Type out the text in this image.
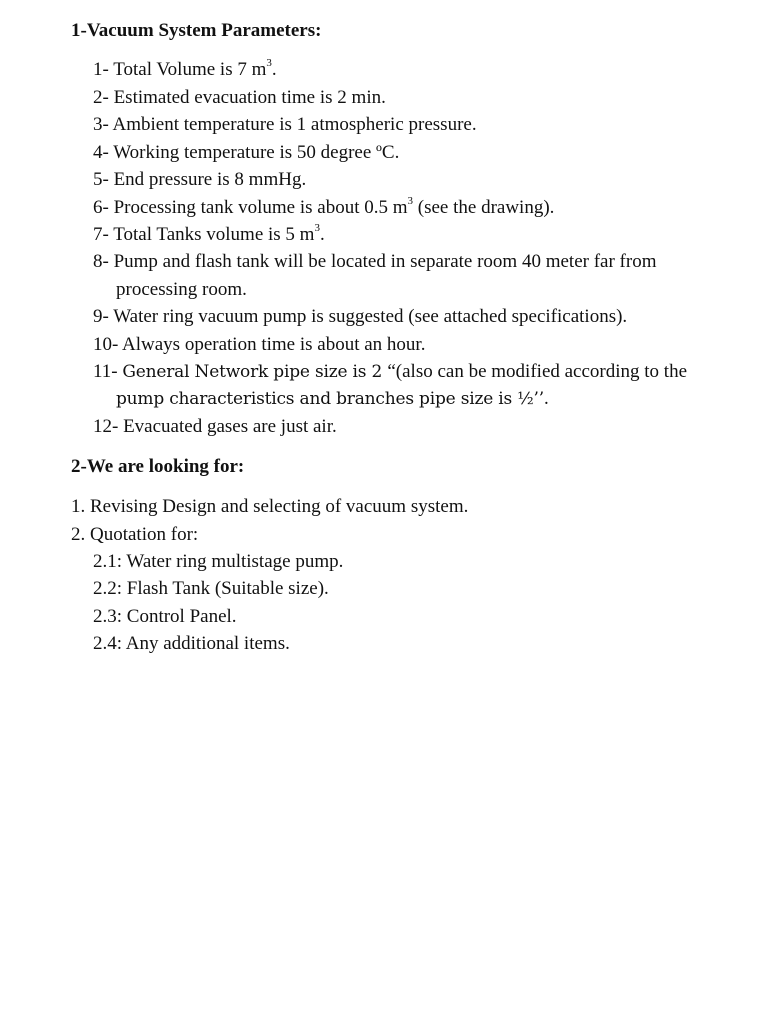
1-Vacuum System Parameters:
1- Total Volume is 7 $m^3$.
2- Estimated evacuation time is 2 min.
3- Ambient temperature is 1 atmospheric pressure.
4- Working temperature is 50 degree ºC.
5- End pressure is 8 mmHg.
6- Processing tank volume is about 0.5 $m^3$ (see the drawing).
7- Total Tanks volume is 5 $m^3$.
8- Pump and flash tank will be located in separate room 40 meter far from
processing room.
9- Water ring vacuum pump is suggested (see attached specifications).
10- Always operation time is about an hour.
11- General Network pipe size is 2 “(also can be modified according to the
pump characteristics and branches pipe size is ½’’.
12- Evacuated gases are just air.
2-We are looking for:
1. Revising Design and selecting of vacuum system.
2. Quotation for:
2.1: Water ring multistage pump.
2.2: Flash Tank (Suitable size).
2.3: Control Panel.
2.4: Any additional items.
